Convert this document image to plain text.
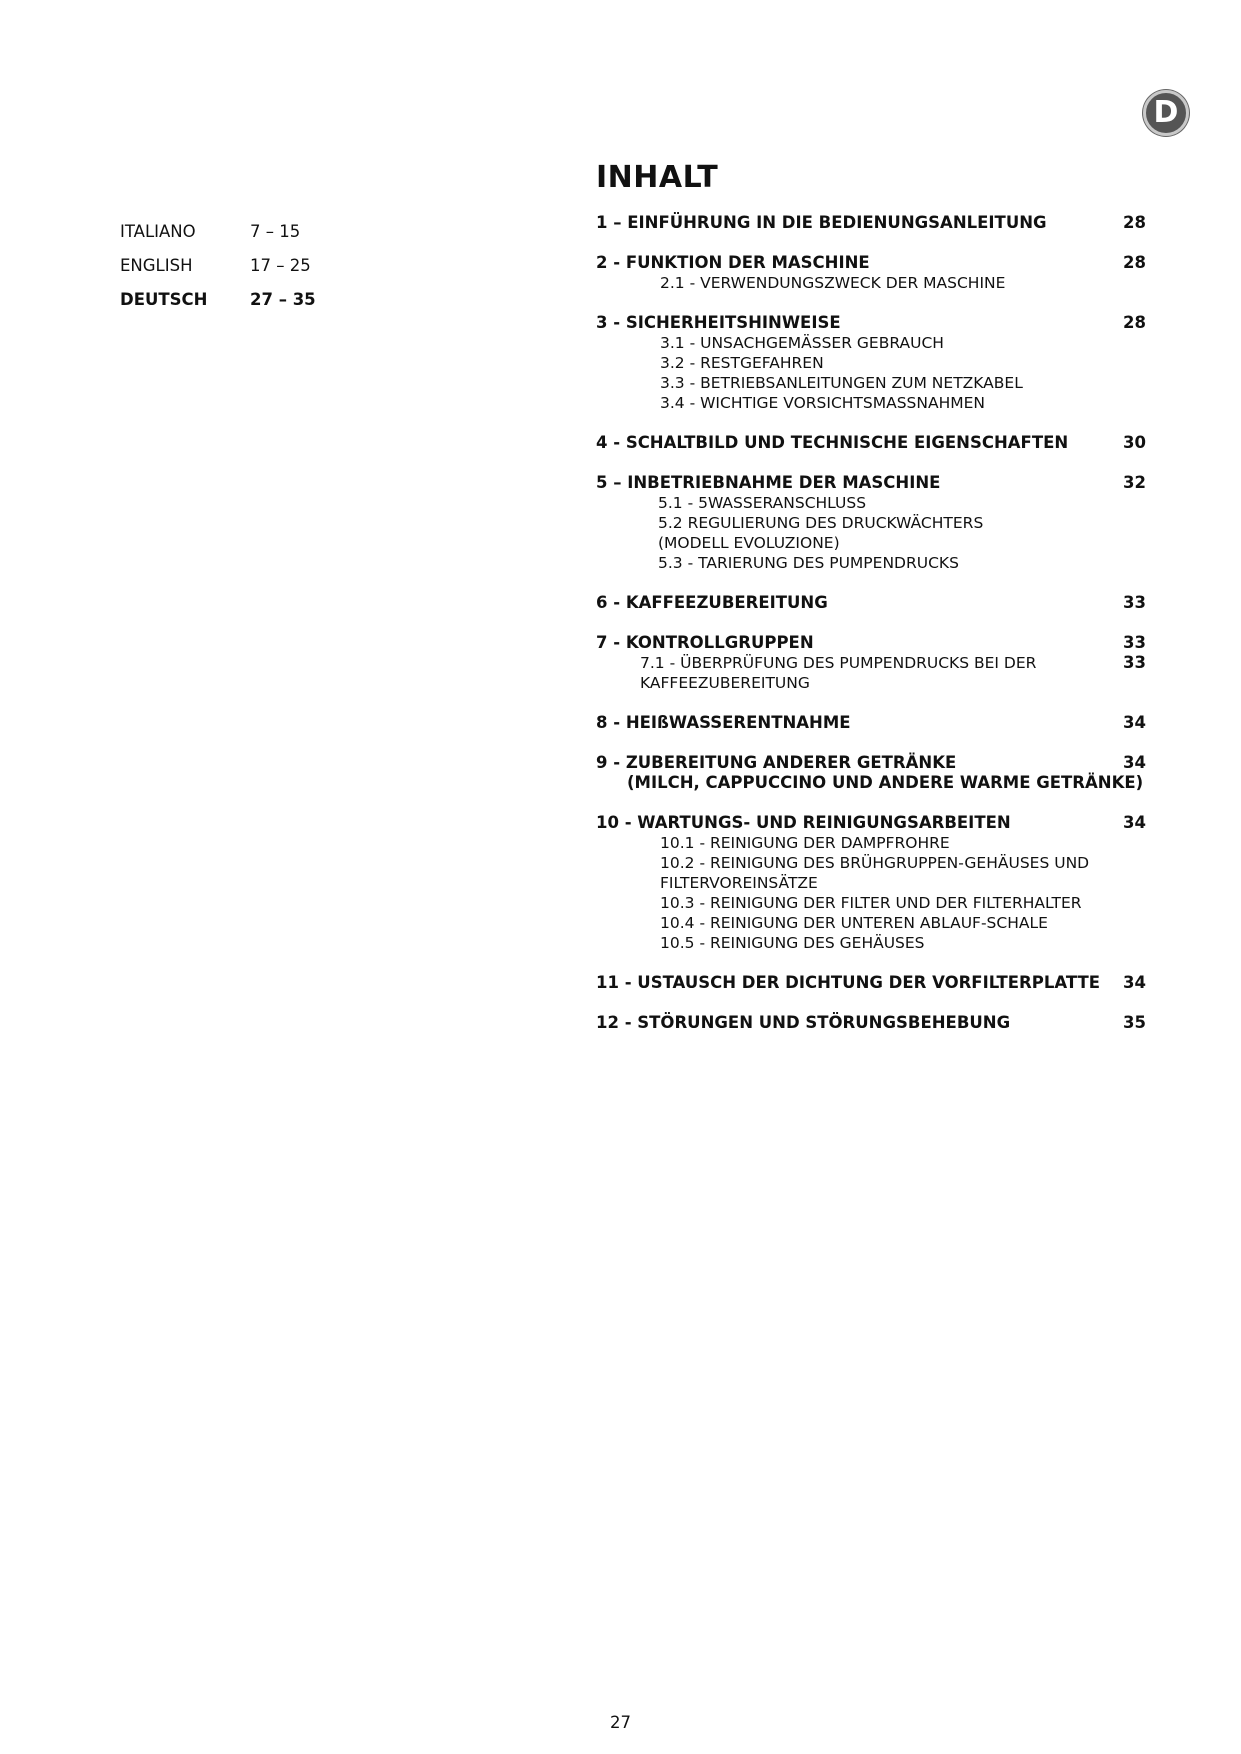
D
ITALIANO	7 – 15
ENGLISH	17 – 25
DEUTSCH	27 – 35
INHALT
1 – EINFÜHRUNG IN DIE BEDIENUNGSANLEITUNG	28
2 - FUNKTION DER MASCHINE	28
2.1 - VERWENDUNGSZWECK DER MASCHINE
3 - SICHERHEITSHINWEISE	28
3.1 - UNSACHGEMÄSSER GEBRAUCH
3.2 - RESTGEFAHREN
3.3 - BETRIEBSANLEITUNGEN ZUM NETZKABEL
3.4 - WICHTIGE VORSICHTSMASSNAHMEN
4 - SCHALTBILD UND TECHNISCHE EIGENSCHAFTEN	30
5 – INBETRIEBNAHME DER MASCHINE	32
5.1 - 5WASSERANSCHLUSS
5.2 REGULIERUNG DES DRUCKWÄCHTERS
(MODELL EVOLUZIONE)
5.3 - TARIERUNG DES PUMPENDRUCKS
6 - KAFFEEZUBEREITUNG	33
7 - KONTROLLGRUPPEN	33
7.1 - ÜBERPRÜFUNG DES PUMPENDRUCKS BEI DER	33
KAFFEEZUBEREITUNG
8 - HEIßWASSERENTNAHME	34
9 - ZUBEREITUNG ANDERER GETRÄNKE	34
(MILCH, CAPPUCCINO UND ANDERE WARME GETRÄNKE)
10 - WARTUNGS- UND REINIGUNGSARBEITEN	34
10.1 - REINIGUNG DER DAMPFROHRE
10.2 - REINIGUNG DES BRÜHGRUPPEN-GEHÄUSES UND
FILTERVOREINSÄTZE
10.3 - REINIGUNG DER FILTER UND DER FILTERHALTER
10.4 - REINIGUNG DER UNTEREN ABLAUF-SCHALE
10.5 - REINIGUNG DES GEHÄUSES
11 - USTAUSCH DER DICHTUNG DER VORFILTERPLATTE	34
12 - STÖRUNGEN UND STÖRUNGSBEHEBUNG	35
27
